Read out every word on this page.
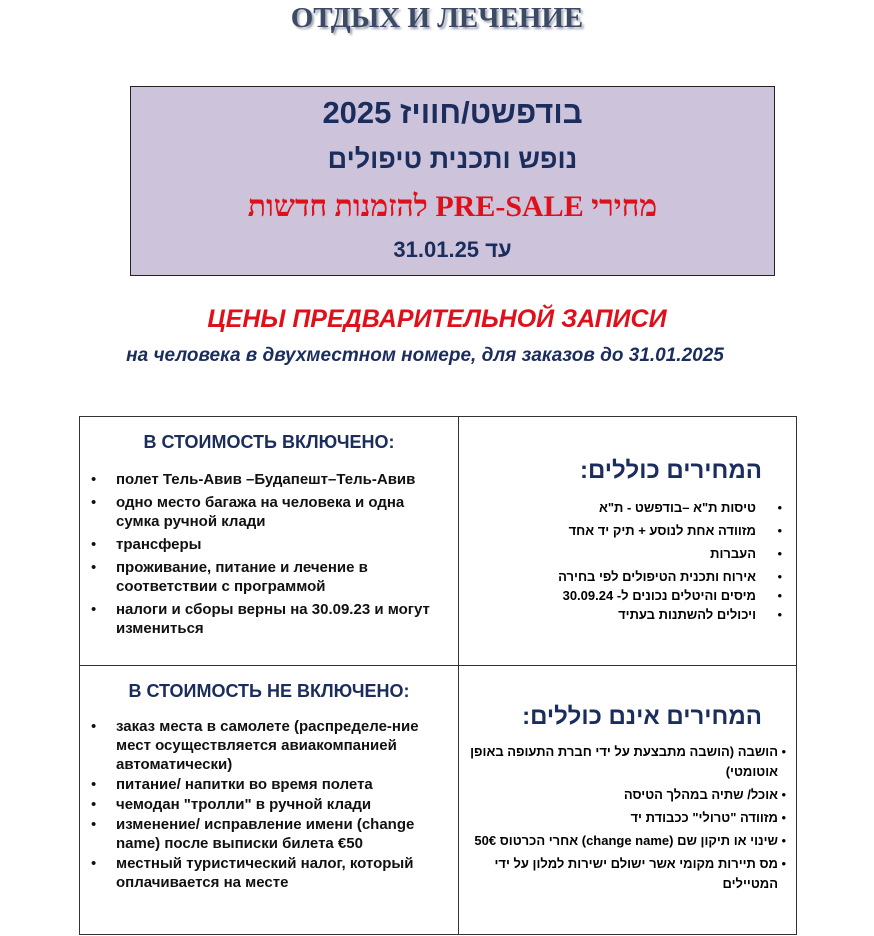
ОТДЫХ И ЛЕЧЕНИЕ
בודפשט/חוויז 2025
נופש ותכנית טיפולים
מחירי PRE-SALE להזמנות חדשות
עד 31.01.25
ЦЕНЫ ПРЕДВАРИТЕЛЬНОЙ ЗАПИСИ
на человека в двухместном номере, для заказов до 31.01.2025
В СТОИМОСТЬ ВКЛЮЧЕНО:
• полет Тель-Авив –Будапешт–Тель-Авив
• одно место багажа на человека и одна сумка ручной клади
• трансферы
• проживание, питание и лечение в соответствии с программой
• налоги и сборы верны на 30.09.23 и могут измениться
המחירים כוללים:
• טיסות ת"א –בודפשט - ת"א
• מזוודה אחת לנוסע + תיק יד אחד
• העברות
• אירוח ותכנית הטיפולים לפי בחירה
• מיסים והיטלים נכונים ל- 30.09.24
• ויכולים להשתנות בעתיד
В СТОИМОСТЬ НЕ ВКЛЮЧЕНО:
• заказ места в самолете (распределе-ние мест осуществляется авиакомпанией автоматически)
• питание/ напитки во время полета
• чемодан "тролли" в ручной клади
• изменение/ исправление имени (change name) после выписки билета €50
• местный туристический налог, который оплачивается на месте
המחירים אינם כוללים:
• הושבה (הושבה מתבצעת על ידי חברת התעופה באופן אוטומטי)
• אוכל/ שתיה במהלך הטיסה
• מזוודה "טרולי" ככבודת יד
• שינוי או תיקון שם (change name) אחרי הכרטוס 50€
• מס תיירות מקומי אשר ישולם ישירות למלון על ידי המטיילים
